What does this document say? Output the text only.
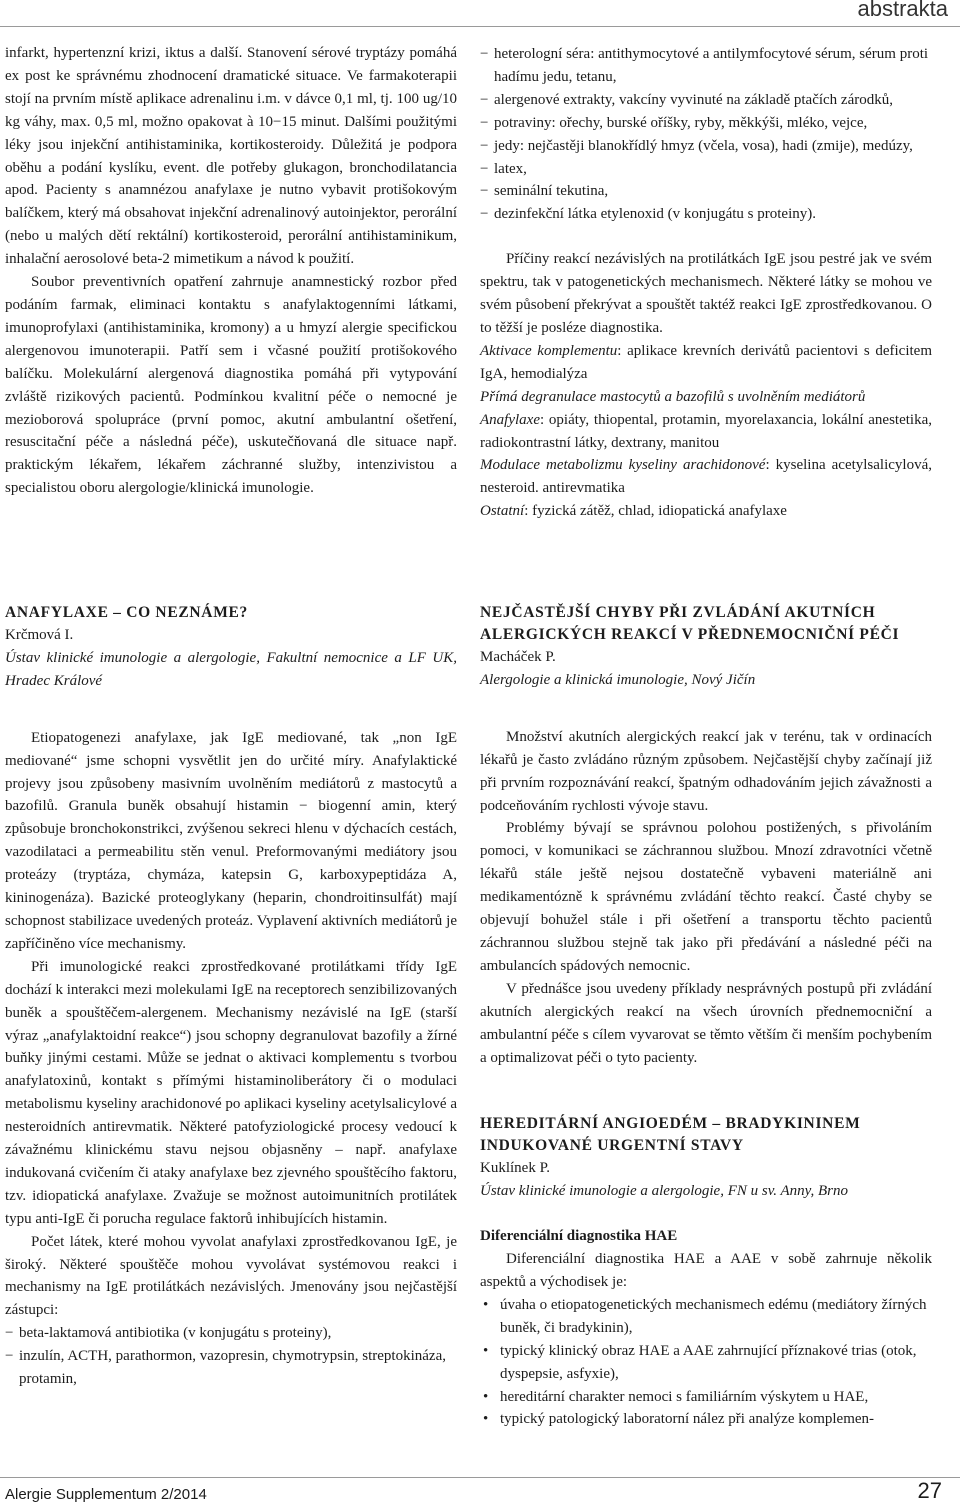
abstrakta

infarkt, hypertenzní krizi, iktus a další. Stanovení sérové tryptázy pomáhá ex post ke správnému zhodnocení dramatické situace. Ve farmakoterapii stojí na prvním místě aplikace adrenalinu i.m. v dávce 0,1 ml, tj. 100 ug/10 kg váhy, max. 0,5 ml, možno opakovat à 10−15 minut. Dalšími použitými léky jsou injekční antihistaminika, kortikosteroidy. Důležitá je podpora oběhu a podání kyslíku, event. dle potřeby glukagon, bronchodilatancia apod. Pacienty s anamnézou anafylaxe je nutno vybavit protišokovým balíčkem, který má obsahovat injekční adrenalinový autoinjektor, perorální (nebo u malých dětí rektální) kortikosteroid, perorální antihistaminikum, inhalační aerosolové beta-2 mimetikum a návod k použití.

Soubor preventivních opatření zahrnuje anamnestický rozbor před podáním farmak, eliminaci kontaktu s anafylaktogenními látkami, imunoprofylaxi (antihistaminika, kromony) a u hmyzí alergie specifickou alergenovou imunoterapii. Patří sem i včasné použití protišokového balíčku. Molekulární alergenová diagnostika pomáhá při vytypování zvláště rizikových pacientů. Podmínkou kvalitní péče o nemocné je mezioborová spolupráce (první pomoc, akutní ambulantní ošetření, resuscitační péče a následná péče), uskutečňovaná dle situace např. praktickým lékařem, lékařem záchranné služby, intenzivistou a specialistou oboru alergologie/klinická imunologie.

− heterologní séra: antithymocytové a antilymfocytové sérum, sérum proti hadímu jedu, tetanu,
− alergenové extrakty, vakcíny vyvinuté na základě ptačích zárodků,
− potraviny: ořechy, burské oříšky, ryby, měkkýši, mléko, vejce,
− jedy: nejčastěji blanokřídlý hmyz (včela, vosa), hadi (zmije), medúzy,
− latex,
− seminální tekutina,
− dezinfekční látka etylenoxid (v konjugátu s proteiny).

Příčiny reakcí nezávislých na protilátkách IgE jsou pestré jak ve svém spektru, tak v patogenetických mechanismech. Některé látky se mohou ve svém působení překrývat a spouštět taktéž reakci IgE zprostředkovanou. O to těžší je posléze diagnostika.

Aktivace komplementu: aplikace krevních derivátů pacientovi s deficitem IgA, hemodialýza

Přímá degranulace mastocytů a bazofilů s uvolněním mediátorů

Anafylaxe: opiáty, thiopental, protamin, myorelaxancia, lokální anestetika, radiokontrastní látky, dextrany, manitou

Modulace metabolizmu kyseliny arachidonové: kyselina acetylsalicylová, nesteroid. antirevmatika

Ostatní: fyzická zátěž, chlad, idiopatická anafylaxe

ANAFYLAXE – CO NEZNÁME?

Krčmová I.

Ústav klinické imunologie a alergologie, Fakultní nemocnice a LF UK, Hradec Králové

Etiopatogenezi anafylaxe, jak IgE mediované, tak „non IgE mediované“ jsme schopni vysvětlit jen do určité míry. Anafylaktické projevy jsou způsobeny masivním uvolněním mediátorů z mastocytů a bazofilů. Granula buněk obsahují histamin − biogenní amin, který způsobuje bronchokonstrikci, zvýšenou sekreci hlenu v dýchacích cestách, vazodilataci a permeabilitu stěn venul. Preformovanými mediátory jsou proteázy (tryptáza, chymáza, katepsin G, karboxypeptidáza A, kininogenáza). Bazické proteoglykany (heparin, chondroitinsulfát) mají schopnost stabilizace uvedených proteáz. Vyplavení aktivních mediátorů je zapříčiněno více mechanismy.

Při imunologické reakci zprostředkované protilátkami třídy IgE dochází k interakci mezi molekulami IgE na receptorech senzibilizovaných buněk a spouštěčem-alergenem. Mechanismy nezávislé na IgE (starší výraz „anafylaktoidní reakce“) jsou schopny degranulovat bazofily a žírné buňky jinými cestami. Může se jednat o aktivaci komplementu s tvorbou anafylatoxinů, kontakt s přímými histaminoliberátory či o modulaci metabolismu kyseliny arachidonové po aplikaci kyseliny acetylsalicylové a nesteroidních antirevmatik. Některé patofyziologické procesy vedoucí k závažnému klinickému stavu nejsou objasněny – např. anafylaxe indukovaná cvičením či ataky anafylaxe bez zjevného spouštěcího faktoru, tzv. idiopatická anafylaxe. Zvažuje se možnost autoimunitních protilátek typu anti-IgE či porucha regulace faktorů inhibujících histamin.

Počet látek, které mohou vyvolat anafylaxi zprostředkovanou IgE, je široký. Některé spouštěče mohou vyvolávat systémovou reakci i mechanismy na IgE protilátkách nezávislých. Jmenovány jsou nejčastější zástupci:

− beta-laktamová antibiotika (v konjugátu s proteiny),
− inzulín, ACTH, parathormon, vazopresin, chymotrypsin, streptokináza, protamin,
NEJČASTĚJŠÍ CHYBY PŘI ZVLÁDÁNÍ AKUTNÍCH ALERGICKÝCH REAKCÍ V PŘEDNEMOCNIČNÍ PÉČI

Macháček P.

Alergologie a klinická imunologie, Nový Jičín

Množství akutních alergických reakcí jak v terénu, tak v ordinacích lékařů je často zvládáno různým způsobem. Nejčastější chyby začínají již při prvním rozpoznávání reakcí, špatným odhadováním jejich závažnosti a podceňováním rychlosti vývoje stavu.

Problémy bývají se správnou polohou postižených, s přivoláním pomoci, v komunikaci se záchrannou službou. Mnozí zdravotníci včetně lékařů stále ještě nejsou dostatečně vybaveni materiálně ani medikamentózně k správnému zvládání těchto reakcí. Časté chyby se objevují bohužel stále i při ošetření a transportu těchto pacientů záchrannou službou stejně tak jako při předávání a následné péči na ambulancích spádových nemocnic.

V přednášce jsou uvedeny příklady nesprávných postupů při zvládání akutních alergických reakcí na všech úrovních přednemocniční a ambulantní péče s cílem vyvarovat se těmto větším či menším pochybením a optimalizovat péči o tyto pacienty.

HEREDITÁRNÍ ANGIOEDÉM – BRADYKININEM INDUKOVANÉ URGENTNÍ STAVY

Kuklínek P.

Ústav klinické imunologie a alergologie, FN u sv. Anny, Brno

Diferenciální diagnostika HAE

Diferenciální diagnostika HAE a AAE v sobě zahrnuje několik aspektů a východisek je:

• úvaha o etiopatogenetických mechanismech edému (mediátory žírných buněk, či bradykinin),
• typický klinický obraz HAE a AAE zahrnující příznakové trias (otok, dyspepsie, asfyxie),
• hereditární charakter nemoci s familiárním výskytem u HAE,
• typický patologický laboratorní nález při analýze komplemen-
Alergie Supplementum 2/2014	27
